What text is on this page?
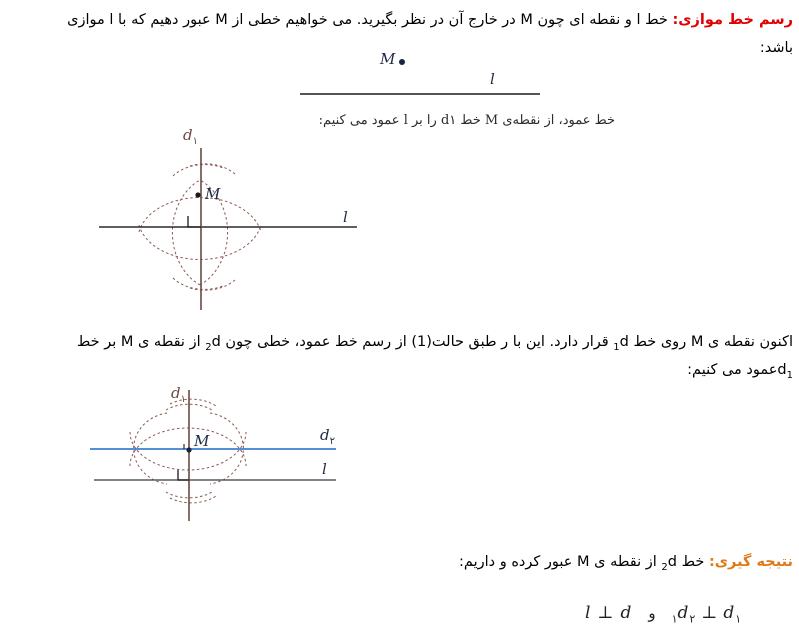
رسم خط موازی: خط l و نقطه ای چون M در خارج آن در نظر بگیرید. می خواهیم خطی از M عبور دهیم که با l موازی
باشد:
M
l
خط عمود، از نقطه‌ی M خط d۱ را بر l عمود می کنیم:
$d_١$
M
l
اکنون نقطه ی M روی خط d1 قرار دارد. این با ر طبق حالت(1) از رسم خط عمود، خطی چون d2 از نقطه ی M بر خط
$d_1عمود$ می کنیم:
$d_١$
M	$d_٢$
l
نتیجه گیری: خط d2 از نقطه ی M عبور کرده و داریم:
l ⊥ d	$_١$و $d_٢$ ⊥ $d_١$
